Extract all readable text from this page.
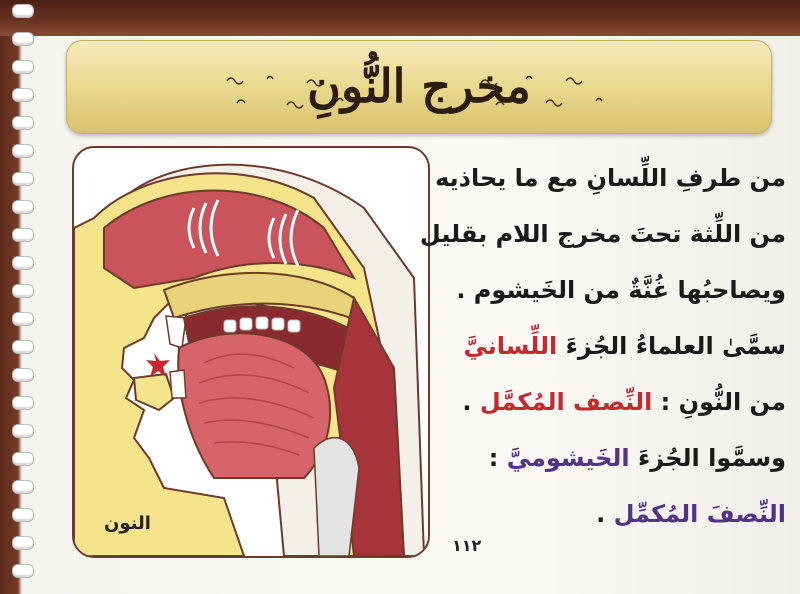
مخرج النُّونِ
النون
من طرفِ اللِّسانِ مع ما يحاذيه
من اللِّثة تحتَ مخرج اللام بقليل
ويصاحبُها غُنَّةٌ من الخَيشوم .
سمَّىٰ العلماءُ الجُزءَ اللِّسانيَّ
من النُّونِ : النِّصف المُكمَّل .
وسمَّوا الجُزءَ الخَيشوميَّ :
النِّصفَ المُكمِّل .
١١٢
